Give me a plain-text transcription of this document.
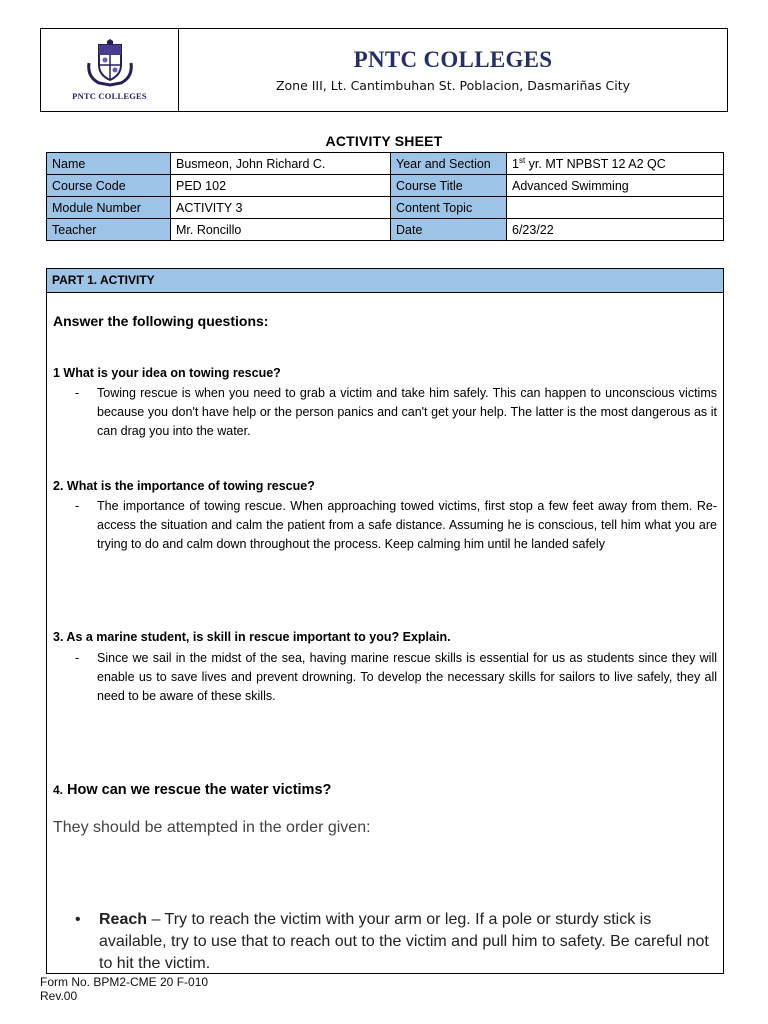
PNTC COLLEGES
PNTC COLLEGES
Zone III, Lt. Cantimbuhan St. Poblacion, Dasmariñas City
ACTIVITY SHEET
Name	Busmeon, John Richard C.	Year and Section	1st yr. MT NPBST 12 A2 QC
Course Code	PED 102	Course Title	Advanced Swimming
Module Number	ACTIVITY 3	Content Topic	
Teacher	Mr. Roncillo	Date	6/23/22
PART 1. ACTIVITY
Answer the following questions:
1 What is your idea on towing rescue?
- Towing rescue is when you need to grab a victim and take him safely. This can happen to unconscious victims because you don't have help or the person panics and can't get your help. The latter is the most dangerous as it can drag you into the water.
2. What is the importance of towing rescue?
- The importance of towing rescue. When approaching towed victims, first stop a few feet away from them. Re-access the situation and calm the patient from a safe distance. Assuming he is conscious, tell him what you are trying to do and calm down throughout the process. Keep calming him until he landed safely
3. As a marine student, is skill in rescue important to you? Explain.
- Since we sail in the midst of the sea, having marine rescue skills is essential for us as students since they will enable us to save lives and prevent drowning. To develop the necessary skills for sailors to live safely, they all need to be aware of these skills.
4. How can we rescue the water victims?
They should be attempted in the order given:
• Reach – Try to reach the victim with your arm or leg. If a pole or sturdy stick is available, try to use that to reach out to the victim and pull him to safety. Be careful not to hit the victim.
Form No. BPM2-CME 20 F-010
Rev.00
